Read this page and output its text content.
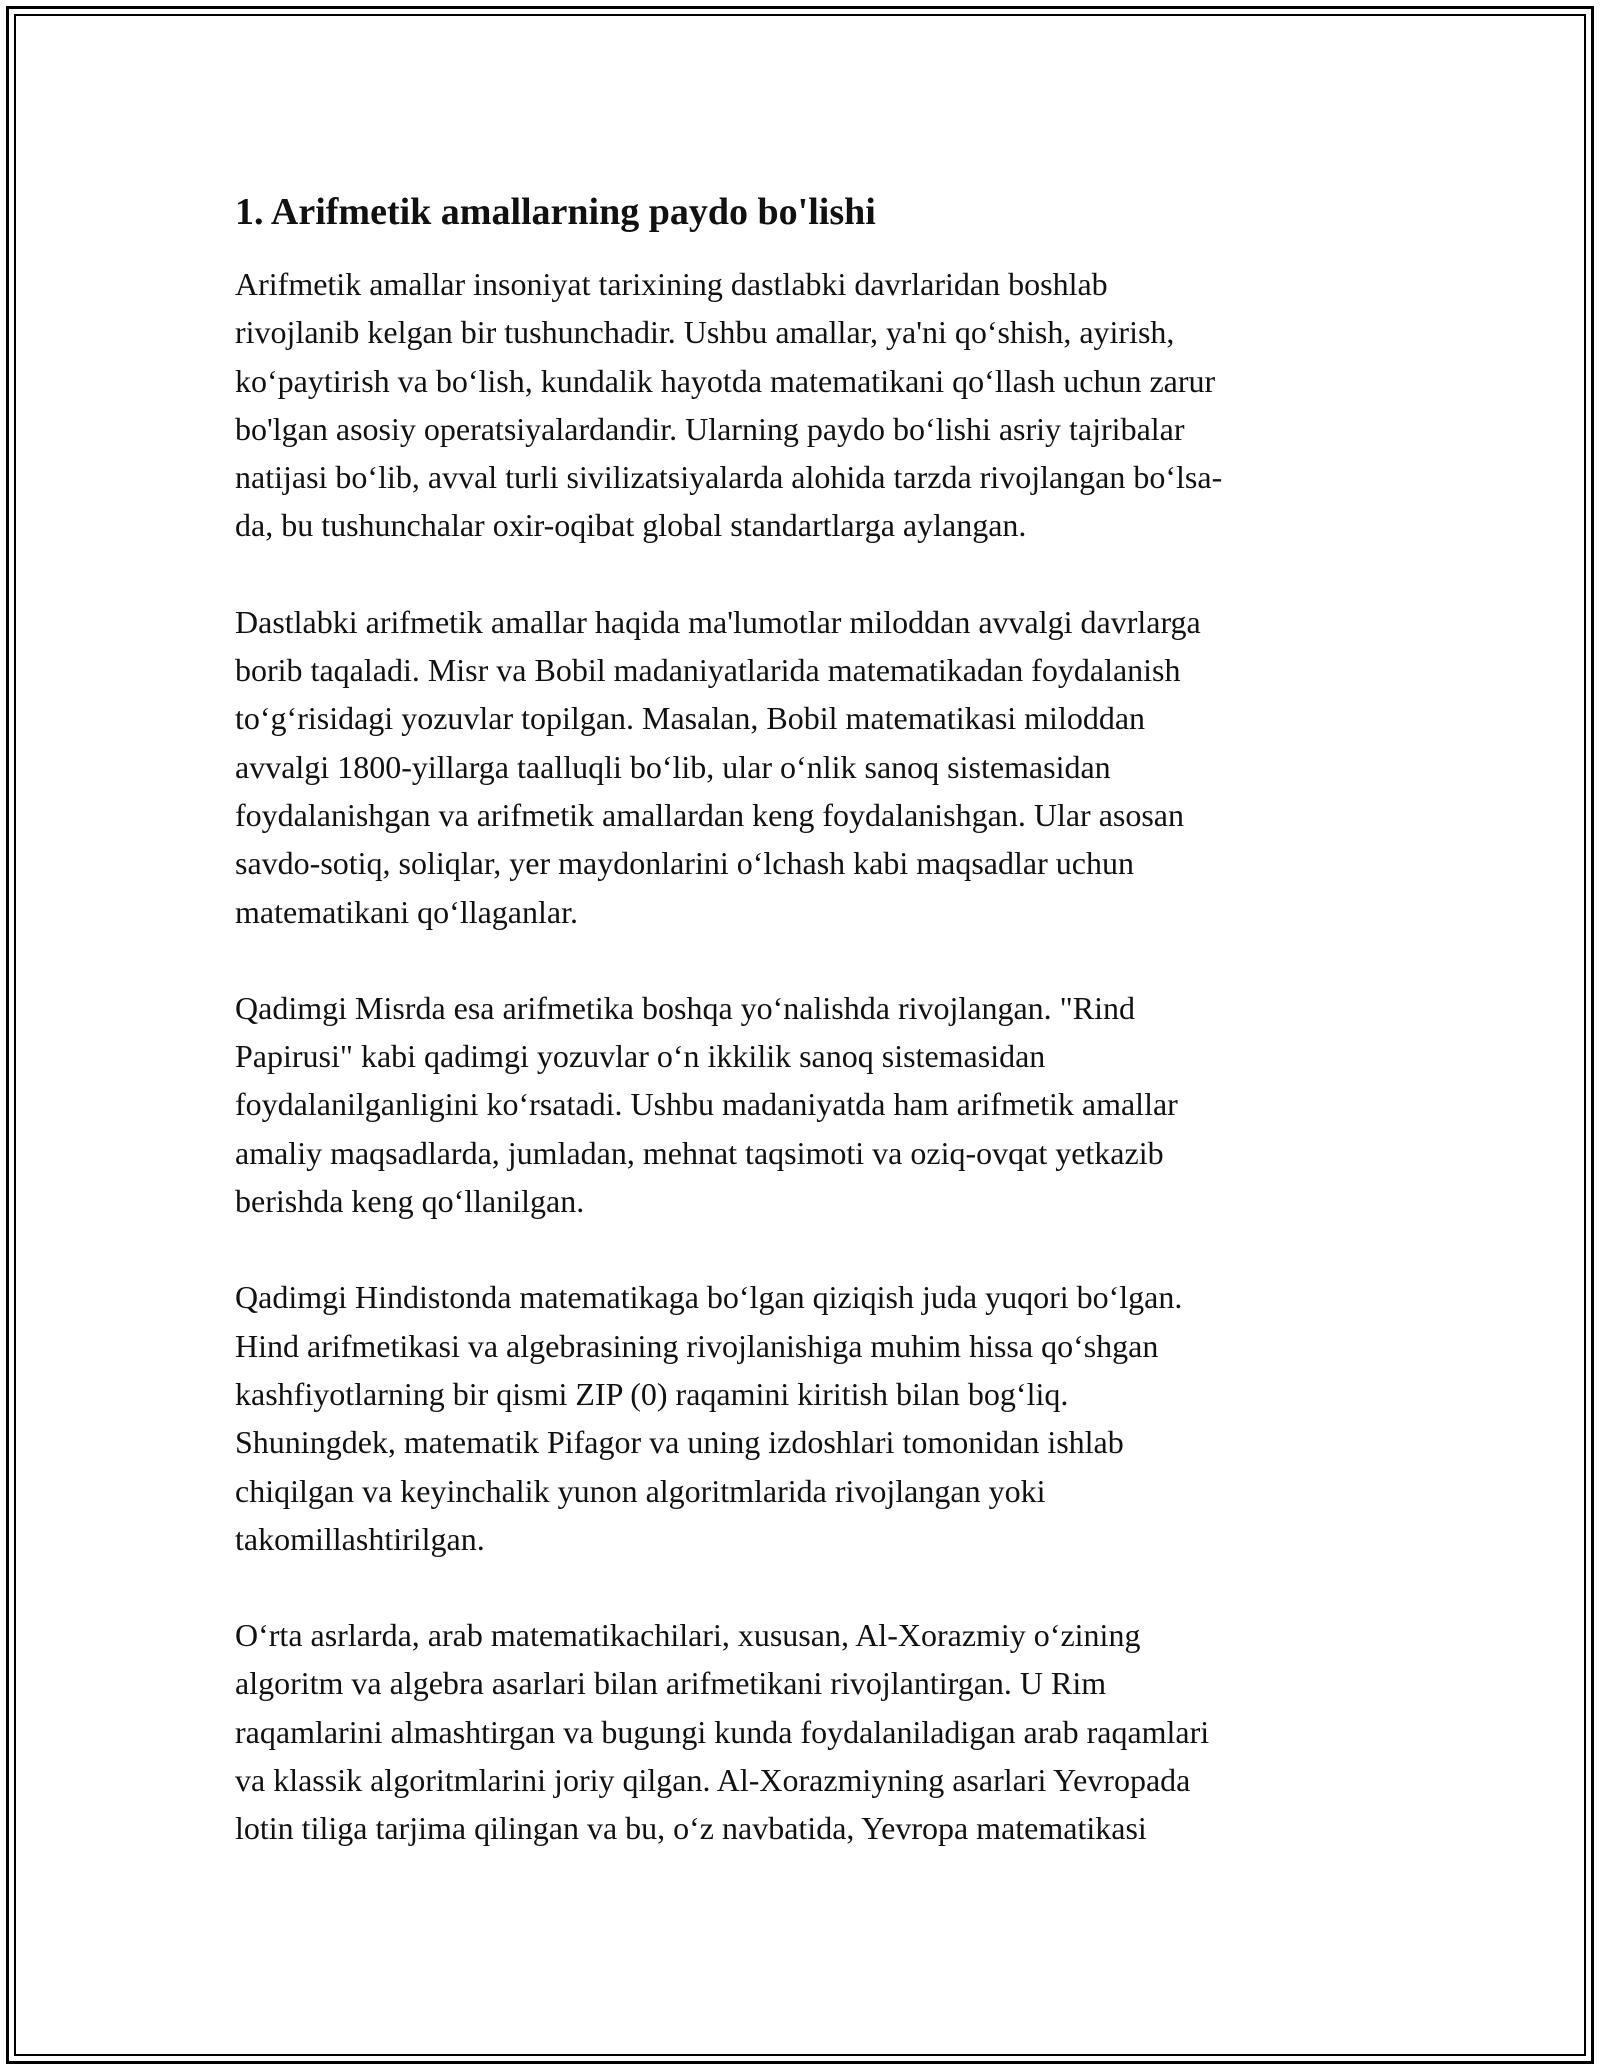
1. Arifmetik amallarning paydo bo'lishi

Arifmetik amallar insoniyat tarixining dastlabki davrlaridan boshlab
rivojlanib kelgan bir tushunchadir. Ushbu amallar, ya'ni qo‘shish, ayirish,
ko‘paytirish va bo‘lish, kundalik hayotda matematikani qo‘llash uchun zarur
bo'lgan asosiy operatsiyalardandir. Ularning paydo bo‘lishi asriy tajribalar
natijasi bo‘lib, avval turli sivilizatsiyalarda alohida tarzda rivojlangan bo‘lsa-
da, bu tushunchalar oxir-oqibat global standartlarga aylangan.

Dastlabki arifmetik amallar haqida ma'lumotlar miloddan avvalgi davrlarga
borib taqaladi. Misr va Bobil madaniyatlarida matematikadan foydalanish
to‘g‘risidagi yozuvlar topilgan. Masalan, Bobil matematikasi miloddan
avvalgi 1800-yillarga taalluqli bo‘lib, ular o‘nlik sanoq sistemasidan
foydalanishgan va arifmetik amallardan keng foydalanishgan. Ular asosan
savdo-sotiq, soliqlar, yer maydonlarini o‘lchash kabi maqsadlar uchun
matematikani qo‘llaganlar.

Qadimgi Misrda esa arifmetika boshqa yo‘nalishda rivojlangan. "Rind
Papirusi" kabi qadimgi yozuvlar o‘n ikkilik sanoq sistemasidan
foydalanilganligini ko‘rsatadi. Ushbu madaniyatda ham arifmetik amallar
amaliy maqsadlarda, jumladan, mehnat taqsimoti va oziq-ovqat yetkazib
berishda keng qo‘llanilgan.

Qadimgi Hindistonda matematikaga bo‘lgan qiziqish juda yuqori bo‘lgan.
Hind arifmetikasi va algebrasining rivojlanishiga muhim hissa qo‘shgan
kashfiyotlarning bir qismi ZIP (0) raqamini kiritish bilan bog‘liq.
Shuningdek, matematik Pifagor va uning izdoshlari tomonidan ishlab
chiqilgan va keyinchalik yunon algoritmlarida rivojlangan yoki
takomillashtirilgan.

O‘rta asrlarda, arab matematikachilari, xususan, Al-Xorazmiy o‘zining
algoritm va algebra asarlari bilan arifmetikani rivojlantirgan. U Rim
raqamlarini almashtirgan va bugungi kunda foydalaniladigan arab raqamlari
va klassik algoritmlarini joriy qilgan. Al-Xorazmiyning asarlari Yevropada
lotin tiliga tarjima qilingan va bu, o‘z navbatida, Yevropa matematikasi
